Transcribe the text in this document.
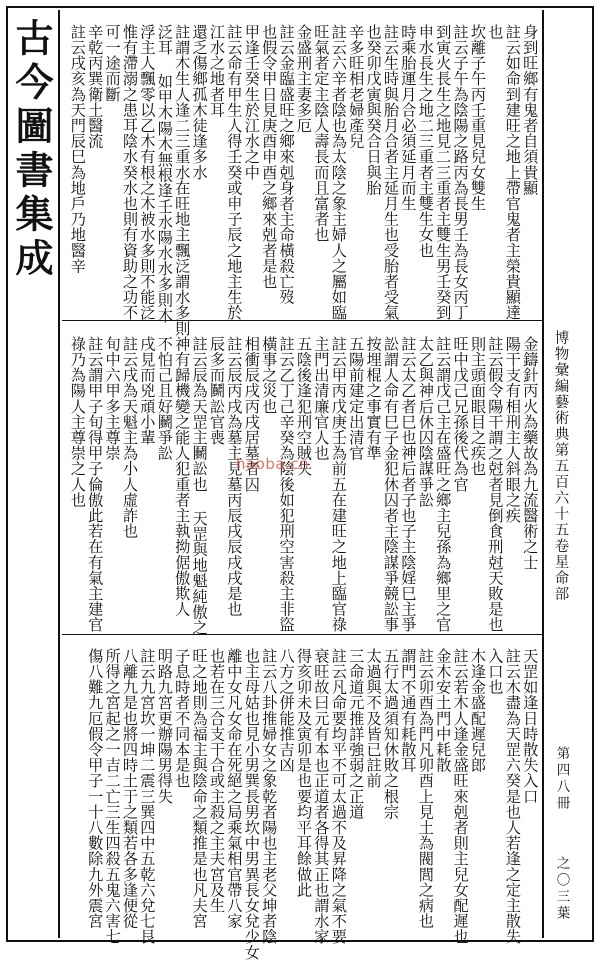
古今圖書集成
博物彙編藝術典第五百六十五卷星命部
第四八冊
之〇三葉
身到旺鄉有鬼者自須貴顯
註云如命到建旺之地上帶官鬼者主榮貴顯達
也
坎離子午丙壬重見兒女雙生
註云子午為陰陽之路丙為長男壬為長女丙丁
到寅火長生之地見二三重者主雙生男壬癸到
申水長生之地二三重者主雙生女也
時乘胎運月合必須延月而生
註云生時與胎月合者主延月生也受胎者受氣
也癸卯戊寅與癸合日與胎
辛多旺相老婦產兒
註云六辛者陰也為太陰之象主婦人之屬如臨
旺氣者定主陰人壽長而且富者也
金盛刑主妻多厄
註云金臨盛旺之鄉來剋身者主命橫殺亡歿
也假令甲日見庚酉申酉之鄉來剋者是也
甲逢壬癸生於江水之中
註云命有甲生人得壬癸或申子辰之地主生於
江水之地者耳
還乏傷鄉孤木徒逢多水
註謂木生人逢二三重水在旺地主飄泛謂水多則
泛耳 如甲木陽木無根逢壬水陽水水多則木
浮主人飄零以乙木有根之木被水多則不能泛
惟有滯溺之患耳陰水癸水也則有資助之功不
可一途而斷
辛乾丙巽衛土醫流
註云戌亥為天門辰巳為地戶乃地醫辛
金鑄針丙火為藥故為九流醫術之士
陽干支有相刑主人斜眼之疾
註云假令陽干謂之尅者見倒食刑尅天敗是也
則主頭面眼目之疾也
旺中戊己兄孫後代為官
註云謂戊己主在盛旺之鄉主兒孫為鄉里之官
太乙與神后休囚陰謀爭訟
註云太乙者巳也神后者子也子主陰婬巳主爭
訟謂人命有巳子金犯休囚者主陰謀爭競訟事
按埋棍之事實有準
五陽前建定出清官
註云甲丙戊庚壬為前五在建旺之地上臨官祿
主門出清廉官人也
五陰後逢犯刑空賊失
註云乙丁己辛癸為陰後如犯刑空害殺主非盜
橫事之災也
相衝辰戌丙戌居墓者囚
註云辰丙戌為墓主見墓丙辰戌辰戌戌是也
辰多而鬭訟官喪
註云辰為天罡主鬭訟也 天罡與地魁純傲之
神有歸機變之能人犯重者主執拗倨傲欺人
不怕己且好鬭爭訟
戌見而兇頑小輩
註云戌為天魁主為小人虛詐也
旬中六甲多主尊崇
註云謂甲子旬得甲子倫傲此若在有氣主建官
祿乃為陽人主尊崇之人也
天罡如逢日時散失入口
註云木盡為天罡六癸是也人若逢之定主散失
入口也
木逢金盛配遲兒郎
註云若木人逢金盛旺來剋者則主兒女配遲也
金木安土門中耗散
註云卯酉為門凡卯酉上見土為閥閭之病也
謂門不通有耗散耳
五行太過須知休敗之根宗
太過與不及皆已註前
三命道元推詳強弱之正道
註云凡命要均平不可太過不及昇降之氣不要
衰旺故曰元有本也正道者各得其正也謂水家
得亥卯未及寅卯是也要均平耳餘做此
八方之併能推吉凶
註云八卦推婦女之象乾者陽也主老父坤者陰
也主母姑也見小男巽長男坎中男異長女兌少女
離中女凡女命在死絕之局乘氣相官帶八家
也若在三合支干合或主殺之主夫宮及生
旺之地則為福主與陰命之類推是也凡夫宮
子息時者不同本是也
明路九宮更辦陽男得失
註云九宮坎一坤二震三巽四中五乾六兌七艮
八離九是也將四時土于之類若各多逢便從
所得之宮起之一吉二亡三生四殺五鬼六害七
傷八難九厄假令甲子一十八數除九外震宮
haoba.cn
